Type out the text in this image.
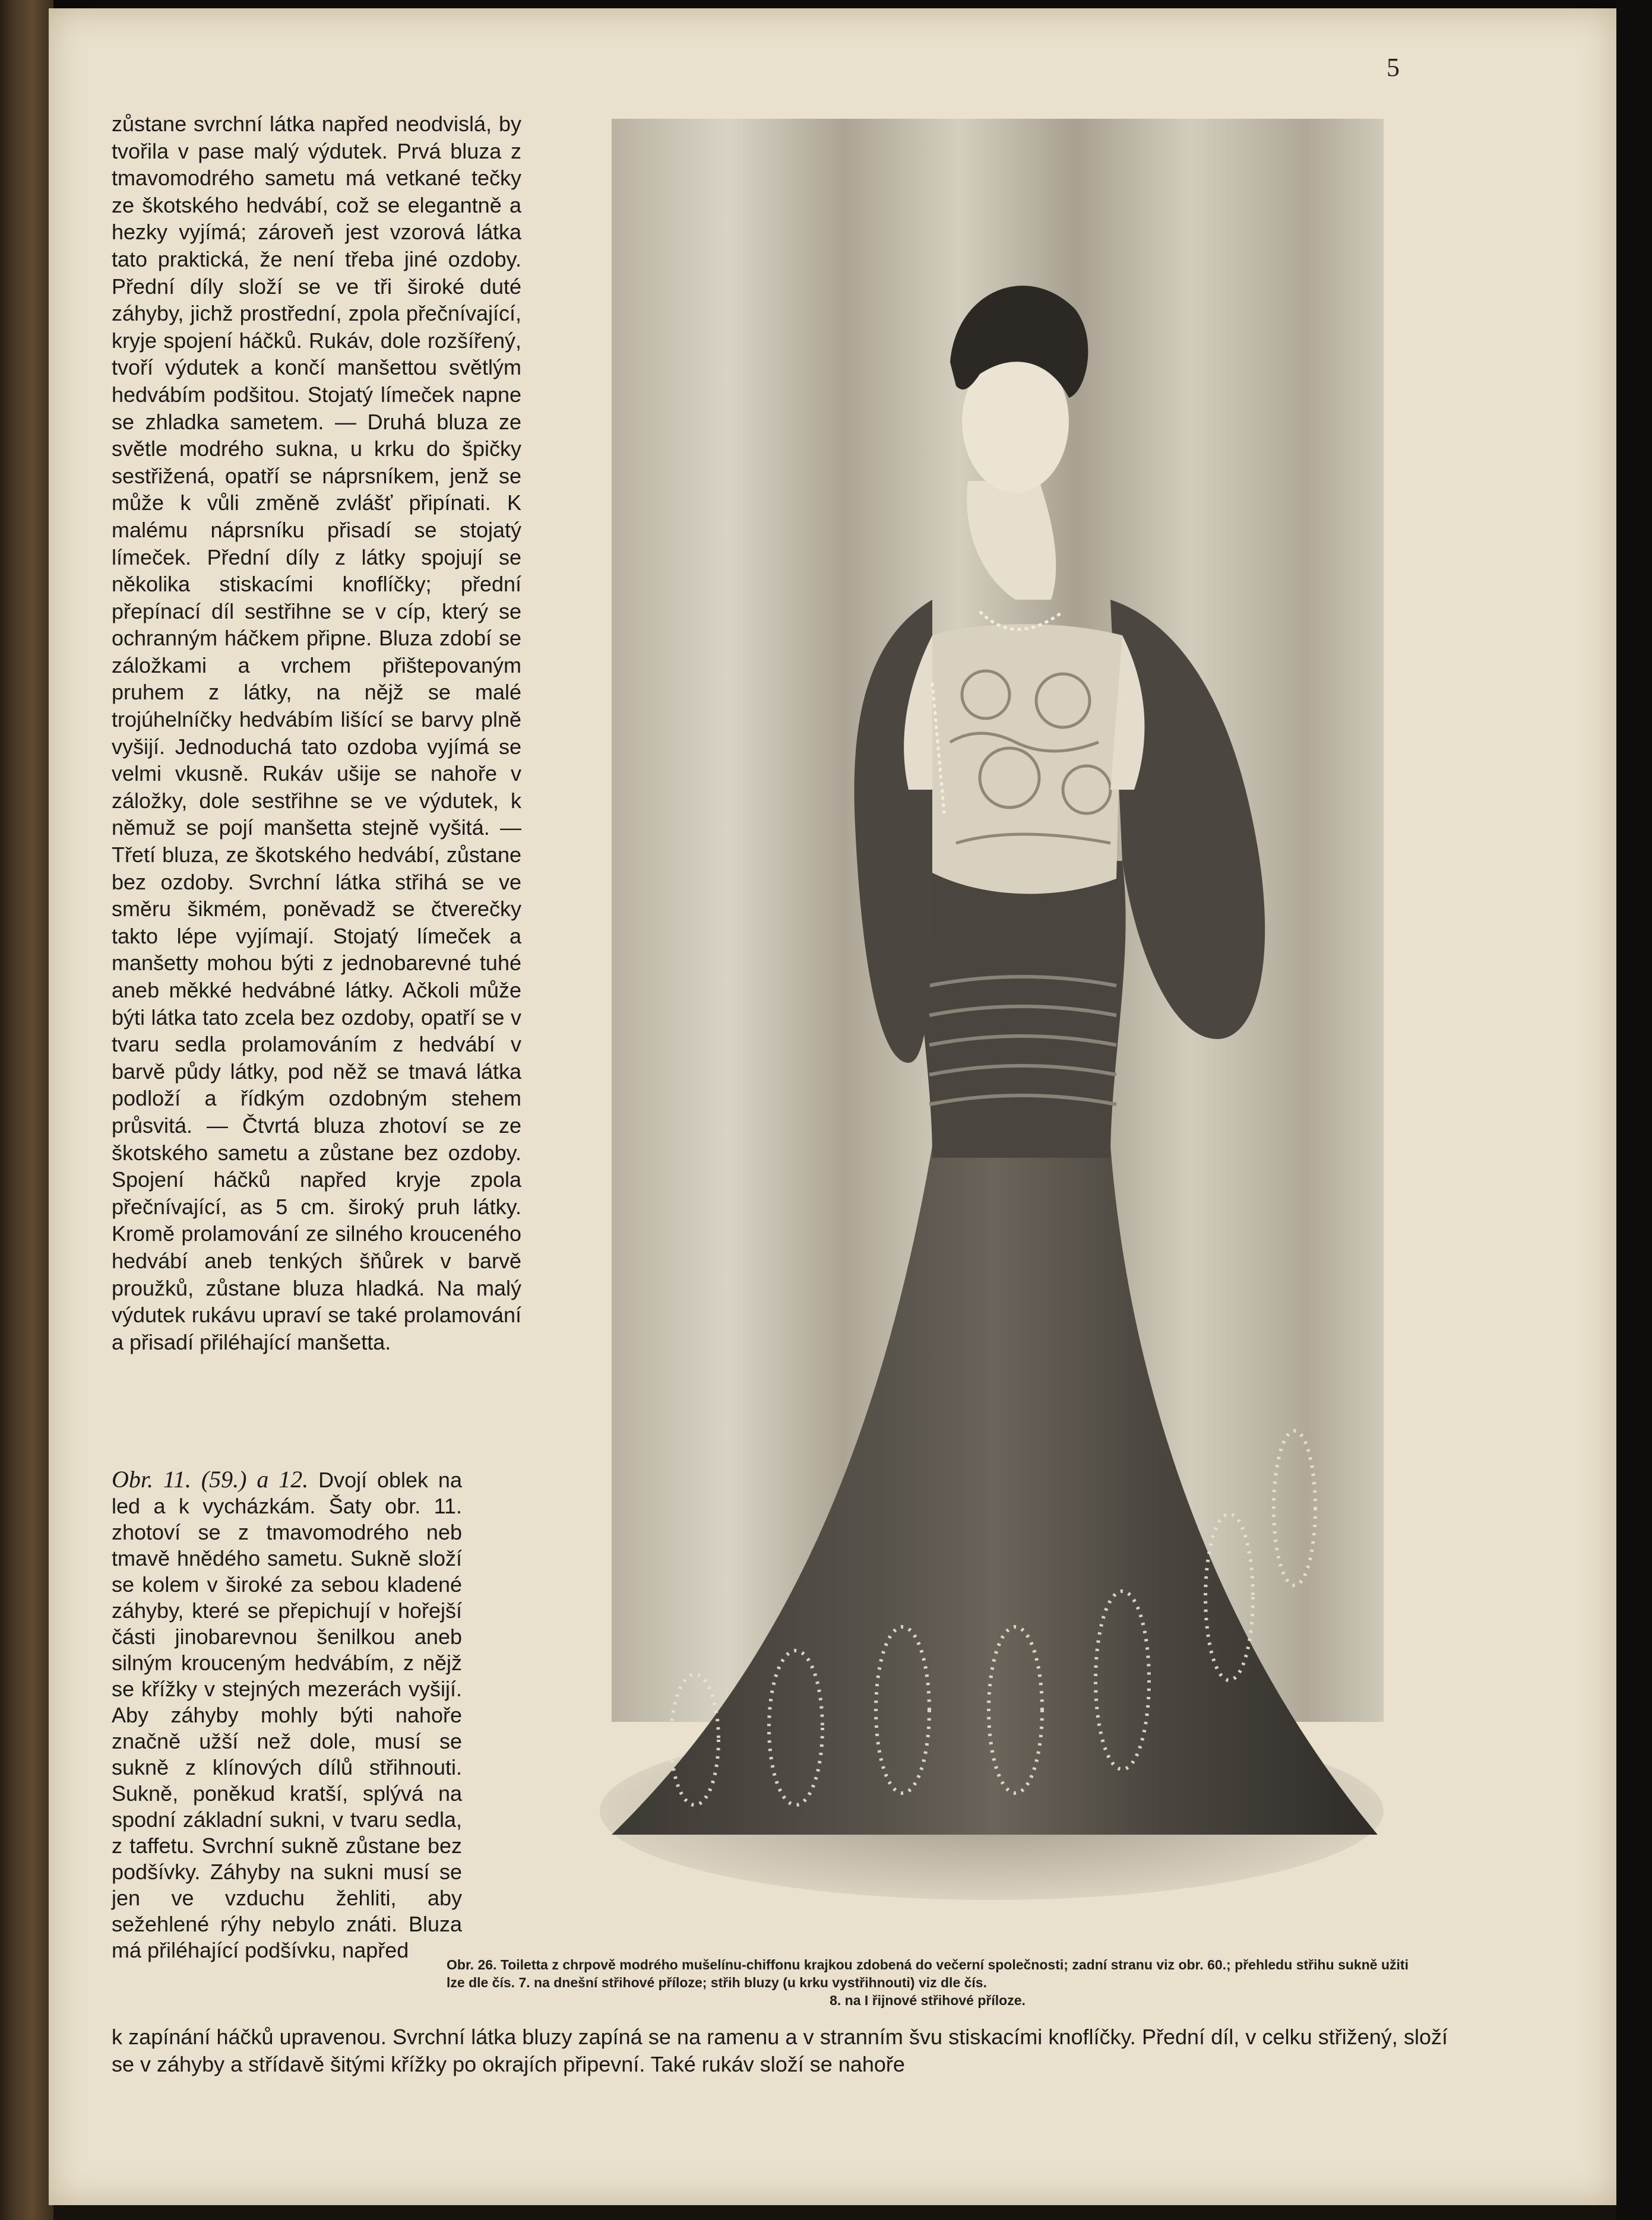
5

zůstane svrchní látka napřed neodvislá, by tvořila v pase malý výdutek. Prvá bluza z tmavomodrého sametu má vetkané tečky ze škotského hedvábí, což se elegantně a hezky vyjímá; zároveň jest vzorová látka tato praktická, že není třeba jiné ozdoby. Přední díly složí se ve tři široké duté záhyby, jichž prostřední, zpola přečnívající, kryje spojení háčků. Rukáv, dole rozšířený, tvoří výdutek a končí manšettou světlým hedvábím podšitou. Stojatý límeček napne se zhladka sametem. — Druhá bluza ze světle modrého sukna, u krku do špičky sestřižená, opatří se náprsníkem, jenž se může k vůli změně zvlášť připínati. K malému náprsníku přisadí se stojatý límeček. Přední díly z látky spojují se několika stiskacími knoflíčky; přední přepínací díl sestřihne se v cíp, který se ochranným háčkem připne. Bluza zdobí se záložkami a vrchem přištepovaným pruhem z látky, na nějž se malé trojúhelníčky hedvábím lišící se barvy plně vyšijí. Jednoduchá tato ozdoba vyjímá se velmi vkusně. Rukáv ušije se nahoře v záložky, dole sestřihne se ve výdutek, k němuž se pojí manšetta stejně vyšitá. — Třetí bluza, ze škotského hedvábí, zůstane bez ozdoby. Svrchní látka střihá se ve směru šikmém, poněvadž se čtverečky takto lépe vyjímají. Stojatý límeček a manšetty mohou býti z jednobarevné tuhé aneb měkké hedvábné látky. Ačkoli může býti látka tato zcela bez ozdoby, opatří se v tvaru sedla prolamováním z hedvábí v barvě půdy látky, pod něž se tmavá látka podloží a řídkým ozdobným stehem průsvitá. — Čtvrtá bluza zhotoví se ze škotského sametu a zůstane bez ozdoby. Spojení háčků napřed kryje zpola přečnívající, as 5 cm. široký pruh látky. Kromě prolamování ze silného krouceného hedvábí aneb tenkých šňůrek v barvě proužků, zůstane bluza hladká. Na malý výdutek rukávu upraví se také prolamování a přisadí přiléhající manšetta.

Obr. 11. (59.) a 12. Dvojí oblek na led a k vycházkám. Šaty obr. 11. zhotoví se z tmavomodrého neb tmavě hnědého sametu. Sukně složí se kolem v široké za sebou kladené záhyby, které se přepichují v hořejší části jinobarevnou šenilkou aneb silným krouceným hedvábím, z nějž se křížky v stejných mezerách vyšijí. Aby záhyby mohly býti nahoře značně užší než dole, musí se sukně z klínových dílů střihnouti. Sukně, poněkud kratší, splývá na spodní základní sukni, v tvaru sedla, z taffetu. Svrchní sukně zůstane bez podšívky. Záhyby na sukni musí se jen ve vzduchu žehliti, aby sežehlené rýhy nebylo znáti. Bluza má přiléhající podšívku, napřed

k zapínání háčků upravenou. Svrchní látka bluzy zapíná se na ramenu a v stranním švu stiskacími knoflíčky. Přední díl, v celku střižený, složí se v záhyby a střídavě šitými křížky po okrajích připevní. Také rukáv složí se nahoře
Obr. 26. Toiletta z chrpově modrého mušelínu-chiffonu krajkou zdobená do večerní společnosti; zadní stranu viz obr. 60.; přehledu střihu sukně užiti lze dle čís. 7. na dnešní střihové příloze; střih bluzy (u krku vystřihnouti) viz dle čís.
8. na I řijnové střihové příloze.
